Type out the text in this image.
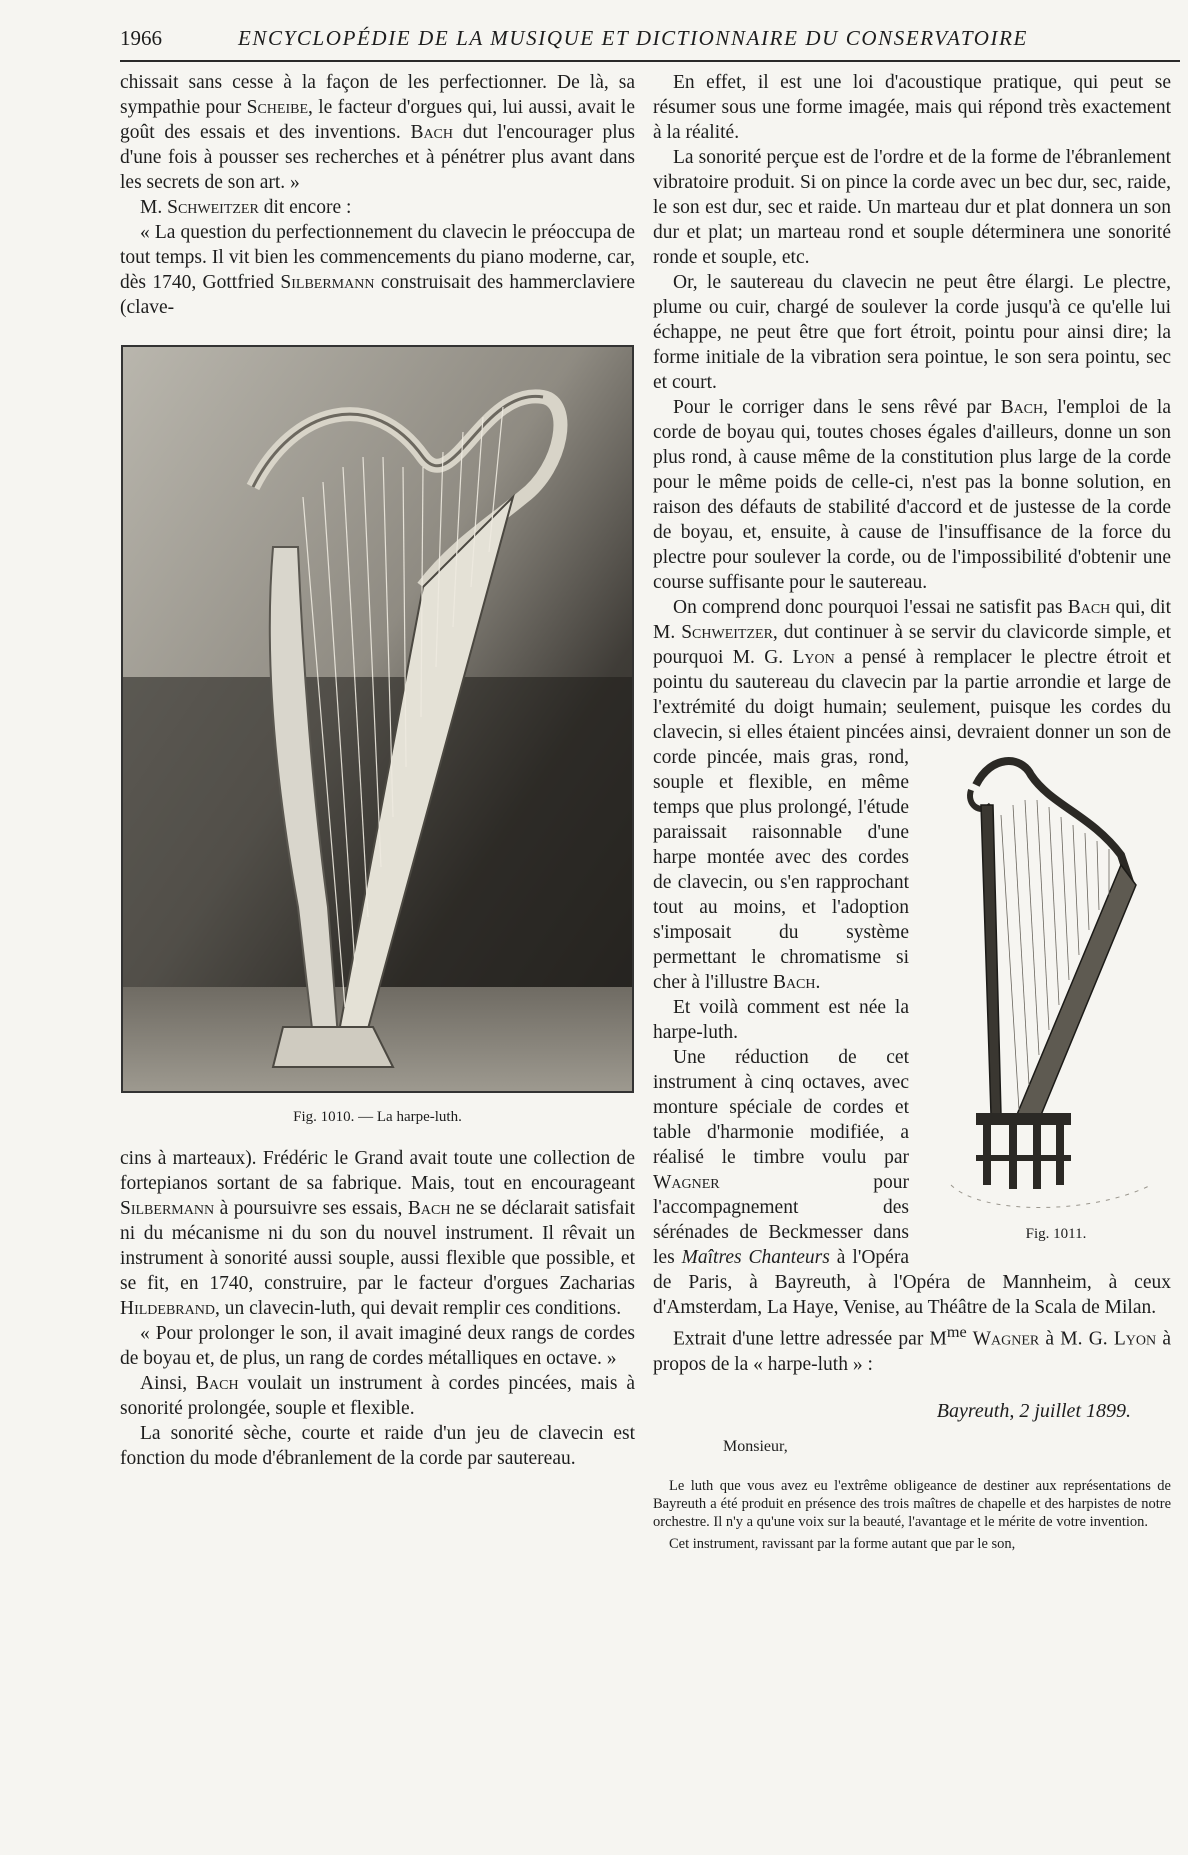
1966	ENCYCLOPÉDIE DE LA MUSIQUE ET DICTIONNAIRE DU CONSERVATOIRE

chissait sans cesse à la façon de les perfectionner. De là, sa sympathie pour Scheibe, le facteur d'orgues qui, lui aussi, avait le goût des essais et des inventions. Bach dut l'encourager plus d'une fois à pousser ses recherches et à pénétrer plus avant dans les secrets de son art. »

M. Schweitzer dit encore :

« La question du perfectionnement du clavecin le préoccupa de tout temps. Il vit bien les commencements du piano moderne, car, dès 1740, Gottfried Silbermann construisait des hammerclaviere (clave-

Fig. 1010. — La harpe-luth.

cins à marteaux). Frédéric le Grand avait toute une collection de fortepianos sortant de sa fabrique. Mais, tout en encourageant Silbermann à poursuivre ses essais, Bach ne se déclarait satisfait ni du mécanisme ni du son du nouvel instrument. Il rêvait un instrument à sonorité aussi souple, aussi flexible que possible, et se fit, en 1740, construire, par le facteur d'orgues Zacharias Hildebrand, un clavecin-luth, qui devait remplir ces conditions.

« Pour prolonger le son, il avait imaginé deux rangs de cordes de boyau et, de plus, un rang de cordes métalliques en octave. »

Ainsi, Bach voulait un instrument à cordes pincées, mais à sonorité prolongée, souple et flexible.

La sonorité sèche, courte et raide d'un jeu de clavecin est fonction du mode d'ébranlement de la corde par sautereau.

En effet, il est une loi d'acoustique pratique, qui peut se résumer sous une forme imagée, mais qui répond très exactement à la réalité.

La sonorité perçue est de l'ordre et de la forme de l'ébranlement vibratoire produit. Si on pince la corde avec un bec dur, sec, raide, le son est dur, sec et raide. Un marteau dur et plat donnera un son dur et plat; un marteau rond et souple déterminera une sonorité ronde et souple, etc.

Or, le sautereau du clavecin ne peut être élargi. Le plectre, plume ou cuir, chargé de soulever la corde jusqu'à ce qu'elle lui échappe, ne peut être que fort étroit, pointu pour ainsi dire; la forme initiale de la vibration sera pointue, le son sera pointu, sec et court.

Pour le corriger dans le sens rêvé par Bach, l'emploi de la corde de boyau qui, toutes choses égales d'ailleurs, donne un son plus rond, à cause même de la constitution plus large de la corde pour le même poids de celle-ci, n'est pas la bonne solution, en raison des défauts de stabilité d'accord et de justesse de la corde de boyau, et, ensuite, à cause de l'insuffisance de la force du plectre pour soulever la corde, ou de l'impossibilité d'obtenir une course suffisante pour le sautereau.

On comprend donc pourquoi l'essai ne satisfit pas Bach qui, dit M. Schweitzer, dut continuer à se servir du clavicorde simple, et pourquoi M. G. Lyon a pensé à remplacer le plectre étroit et pointu du sautereau du clavecin par la partie arrondie et large de l'extrémité du doigt humain; seulement, puisque les cordes du clavecin, si elles étaient pincées ainsi, devraient donner un son de corde pincée, mais gras, rond,
Fig. 1011.
souple et flexible, en même temps que plus prolongé, l'étude paraissait raisonnable d'une harpe montée avec des cordes de clavecin, ou s'en rapprochant tout au moins, et l'adoption s'imposait du système permettant le chromatisme si cher à l'illustre Bach.

Et voilà comment est née la harpe-luth.

Une réduction de cet instrument à cinq octaves, avec monture spéciale de cordes et table d'harmonie modifiée, a réalisé le timbre voulu par Wagner pour l'accompagnement des sérénades de Beckmesser dans les Maîtres Chanteurs à l'Opéra de Paris, à Bayreuth, à l'Opéra de Mannheim, à ceux d'Amsterdam, La Haye, Venise, au Théâtre de la Scala de Milan.

Extrait d'une lettre adressée par $M^{me}$ Wagner à M. G. Lyon à propos de la « harpe-luth » :

Bayreuth, 2 juillet 1899.
Monsieur,

Le luth que vous avez eu l'extrême obligeance de destiner aux représentations de Bayreuth a été produit en présence des trois maîtres de chapelle et des harpistes de notre orchestre. Il n'y a qu'une voix sur la beauté, l'avantage et le mérite de votre invention.

Cet instrument, ravissant par la forme autant que par le son,
